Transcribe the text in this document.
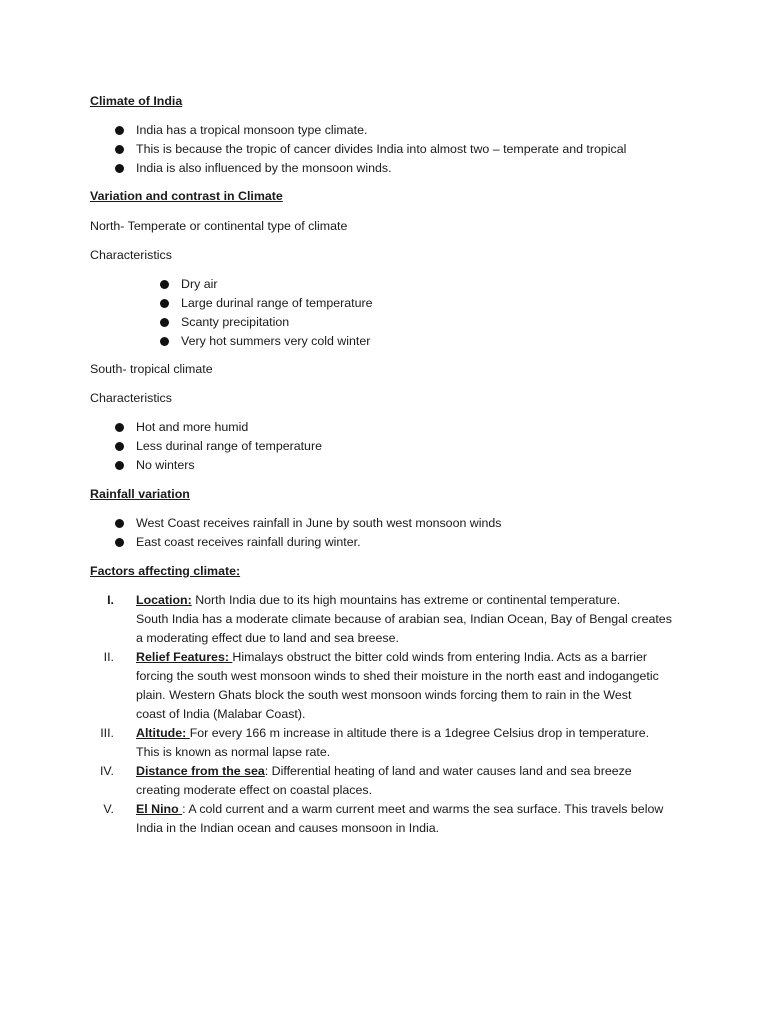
Climate of India
India has a tropical monsoon type climate.
This is because the tropic of cancer divides India into almost two – temperate and tropical
India is also influenced by the monsoon winds.
Variation and contrast in Climate
North- Temperate or continental type of climate
Characteristics
Dry air
Large durinal range of temperature
Scanty precipitation
Very hot summers very cold winter
South- tropical climate
Characteristics
Hot and more humid
Less durinal range of temperature
No winters
Rainfall variation
West Coast receives rainfall in June by south west monsoon winds
East coast receives rainfall during winter.
Factors affecting climate:
I. Location: North India due to its high mountains has extreme or continental temperature.
South India has a moderate climate because of arabian sea, Indian Ocean, Bay of Bengal creates
a moderating effect due to land and sea breese.
II. Relief Features: Himalays obstruct the bitter cold winds from entering India. Acts as a barrier
forcing the south west monsoon winds to shed their moisture in the north east and indogangetic
plain. Western Ghats block the south west monsoon winds forcing them to rain in the West
coast of India (Malabar Coast).
III. Altitude: For every 166 m increase in altitude there is a 1degree Celsius drop in temperature.
This is known as normal lapse rate.
IV. Distance from the sea: Differential heating of land and water causes land and sea breeze
creating moderate effect on coastal places.
V. El Nino : A cold current and a warm current meet and warms the sea surface. This travels below
India in the Indian ocean and causes monsoon in India.
